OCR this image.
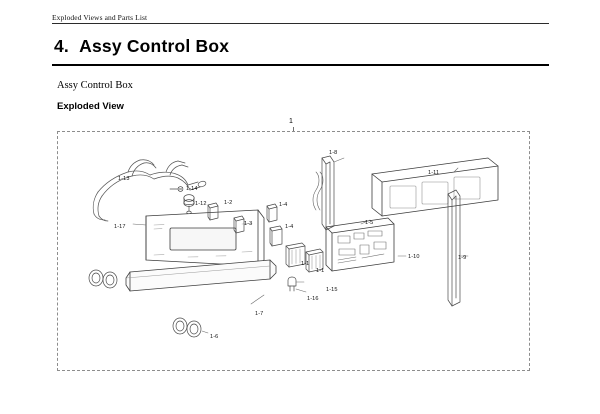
Exploded Views and Parts List
4. Assy Control Box
Assy Control Box
Exploded View
1
1-13
1-14
1-12	1-2
1-3
1-4
1-4
1-8
1-11
1-5
1-17
1-1
1-1
1-10	1-9
1-16
1-15
1-7
1-6
